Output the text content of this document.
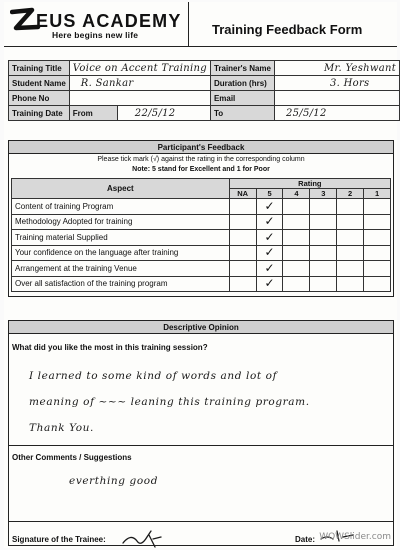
EUS ACADEMY
Here begins new life	Training Feedback Form
Training Title	Voice on Accent Training		Trainer's Name	Mr. Yeshwant
Student Name	R. Sankar		Duration (hrs)	3. Hors
Phone No			Email	
Training Date	From	22/5/12	To	25/5/12
Participant's Feedback
Please tick mark (√) against the rating in the corresponding column
Note: 5 stand for Excellent and 1 for Poor
Aspect	Rating					
	NA	5	4	3	2	1
Content of training Program		✓				
Methodology Adopted for training		✓				
Training material Supplied		✓				
Your confidence on the language after training		✓				
Arrangement at the training Venue		✓				
Over all satisfaction of the training program		✓				
Descriptive Opinion
What did you like the most in this training session?
I learned to some kind of words and lot of
meaning of ~~~ leaning this training program.
Thank You.
Other Comments / Suggestions
everthing good
Signature of the Trainee:	Date: WOWSlider.com
